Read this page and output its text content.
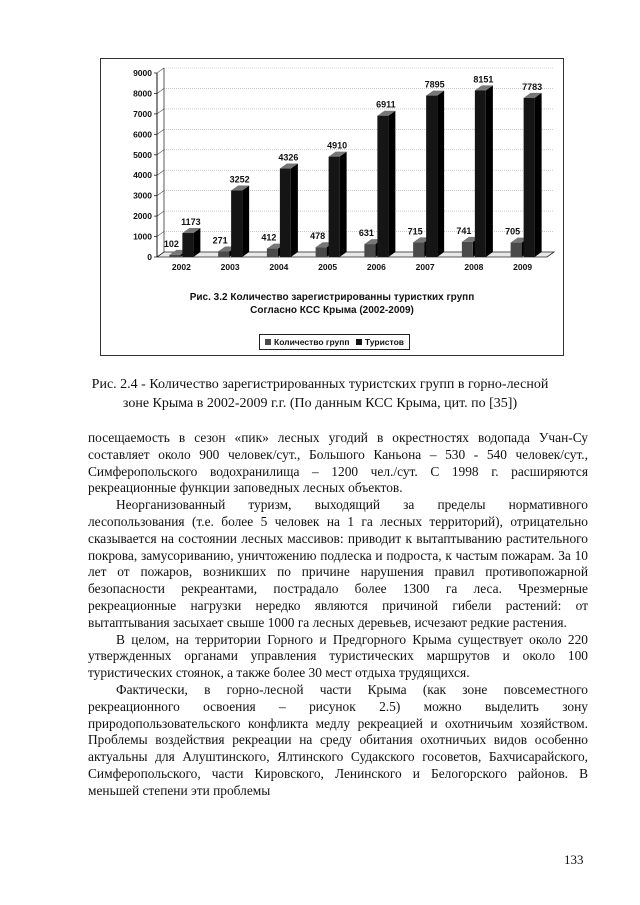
0
1000
2000
3000
4000
5000
6000
7000
8000
9000
102
1173
2002
271
3252
2003
412
4326
2004
478
4910
2005
631
6911
2006
715
7895
2007
741
8151
2008
705
7783
2009
Рис. 3.2 Количество зарегистрированны туристких групп
Согласно КСС Крыма (2002-2009)
Количество групп Туристов
Рис. 2.4 - Количество зарегистрированных туристских групп в горно-лесной
зоне Крыма в 2002-2009 г.г. (По данным КСС Крыма, цит. по [35])

посещаемость в сезон «пик» лесных угодий в окрестностях водопада Учан-Су составляет около 900 человек/сут., Большого Каньона – 530 - 540 человек/сут., Симферопольского водохранилища – 1200 чел./сут. С 1998 г. расширяются рекреационные функции заповедных лесных объектов.

Неорганизованный туризм, выходящий за пределы нормативного лесопользования (т.е. более 5 человек на 1 га лесных территорий), отрицательно сказывается на состоянии лесных массивов: приводит к вытаптыванию растительного покрова, замусориванию, уничтожению подлеска и подроста, к частым пожарам. За 10 лет от пожаров, возникших по причине нарушения правил противопожарной безопасности рекреантами, пострадало более 1300 га леса. Чрезмерные рекреационные нагрузки нередко являются причиной гибели растений: от вытаптывания засыхает свыше 1000 га лесных деревьев, исчезают редкие растения.

В целом, на территории Горного и Предгорного Крыма существует около 220 утвержденных органами управления туристических маршрутов и около 100 туристических стоянок, а также более 30 мест отдыха трудящихся.

Фактически, в горно-лесной части Крыма (как зоне повсеместного рекреационного освоения – рисунок 2.5) можно выделить зону природопользовательского конфликта медлу рекреацией и охотничьим хозяйством. Проблемы воздействия рекреации на среду обитания охотничьих видов особенно актуальны для Алуштинского, Ялтинского Судакского госоветов, Бахчисарайского, Симферопольского, части Кировского, Ленинского и Белогорского районов. В меньшей степени эти проблемы

133
